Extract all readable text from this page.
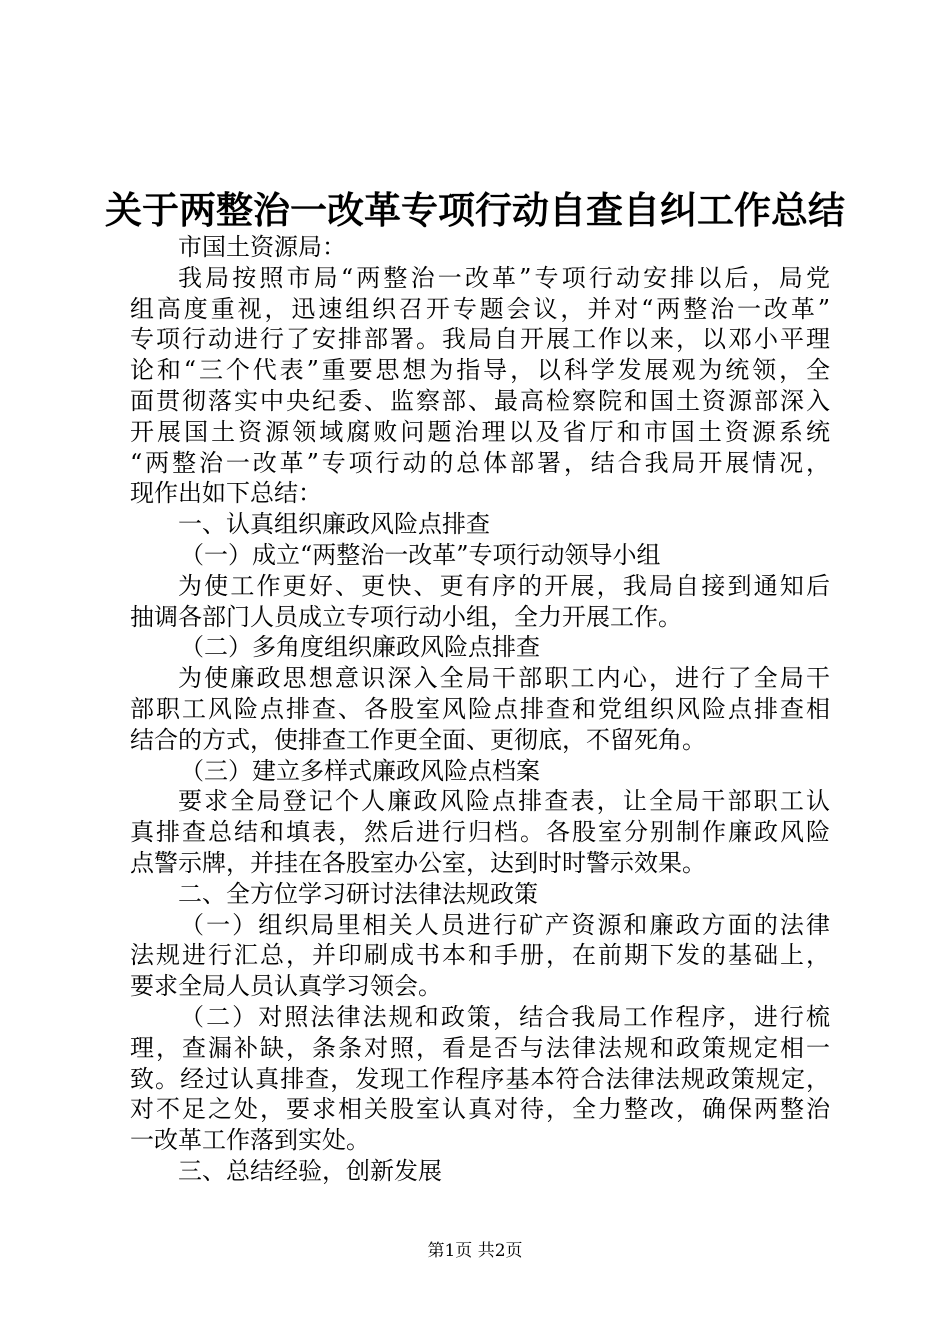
关于两整治一改革专项行动自查自纠工作总结
市国土资源局：
我局按照市局“两整治一改革”专项行动安排以后，局党
组高度重视，迅速组织召开专题会议，并对“两整治一改革”
专项行动进行了安排部署。我局自开展工作以来，以邓小平理
论和“三个代表”重要思想为指导，以科学发展观为统领，全
面贯彻落实中央纪委、监察部、最高检察院和国土资源部深入
开展国土资源领域腐败问题治理以及省厅和市国土资源系统
“两整治一改革”专项行动的总体部署，结合我局开展情况，
现作出如下总结：
一、认真组织廉政风险点排查
（一）成立“两整治一改革”专项行动领导小组
为使工作更好、更快、更有序的开展，我局自接到通知后
抽调各部门人员成立专项行动小组，全力开展工作。
（二）多角度组织廉政风险点排查
为使廉政思想意识深入全局干部职工内心，进行了全局干
部职工风险点排查、各股室风险点排查和党组织风险点排查相
结合的方式，使排查工作更全面、更彻底，不留死角。
（三）建立多样式廉政风险点档案
要求全局登记个人廉政风险点排查表，让全局干部职工认
真排查总结和填表，然后进行归档。各股室分别制作廉政风险
点警示牌，并挂在各股室办公室，达到时时警示效果。
二、全方位学习研讨法律法规政策
（一）组织局里相关人员进行矿产资源和廉政方面的法律
法规进行汇总，并印刷成书本和手册，在前期下发的基础上，
要求全局人员认真学习领会。
（二）对照法律法规和政策，结合我局工作程序，进行梳
理，查漏补缺，条条对照，看是否与法律法规和政策规定相一
致。经过认真排查，发现工作程序基本符合法律法规政策规定，
对不足之处，要求相关股室认真对待，全力整改，确保两整治
一改革工作落到实处。
三、总结经验，创新发展
第1页 共2页
